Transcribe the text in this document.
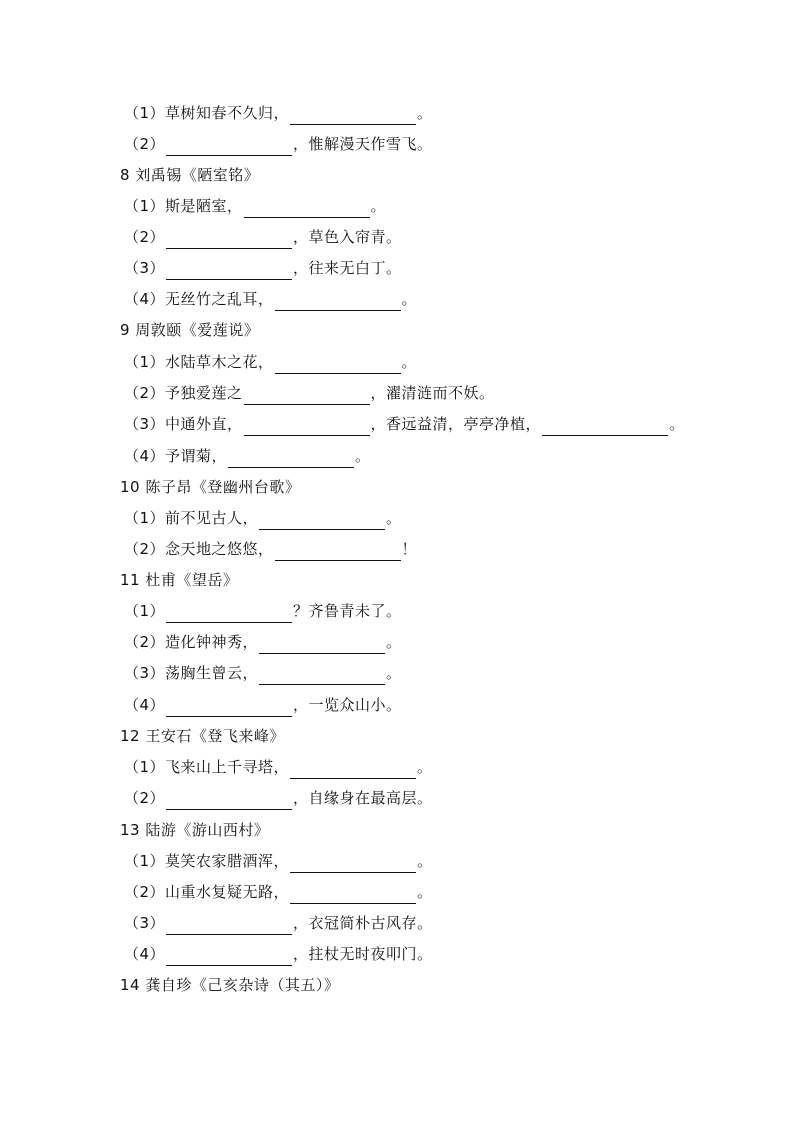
（1）草树知春不久归，	。
（2）	，惟解漫天作雪飞。
8 刘禹锡《陋室铭》
（1）斯是陋室，	。
（2）	，草色入帘青。
（3）	，往来无白丁。
（4）无丝竹之乱耳，	。
9 周敦颐《爱莲说》
（1）水陆草木之花，	。
（2）予独爱莲之	，濯清涟而不妖。
（3）中通外直，	，香远益清，亭亭净植，	。
（4）予谓菊，	。
10 陈子昂《登幽州台歌》
（1）前不见古人，	。
（2）念天地之悠悠，	！
11 杜甫《望岳》
（1）	？齐鲁青未了。
（2）造化钟神秀，	。
（3）荡胸生曾云，	。
（4）	，一览众山小。
12 王安石《登飞来峰》
（1）飞来山上千寻塔，	。
（2）	，自缘身在最高层。
13 陆游《游山西村》
（1）莫笑农家腊酒浑，	。
（2）山重水复疑无路，	。
（3）	，衣冠简朴古风存。
（4）	，拄杖无时夜叩门。
14 龚自珍《己亥杂诗（其五）》
